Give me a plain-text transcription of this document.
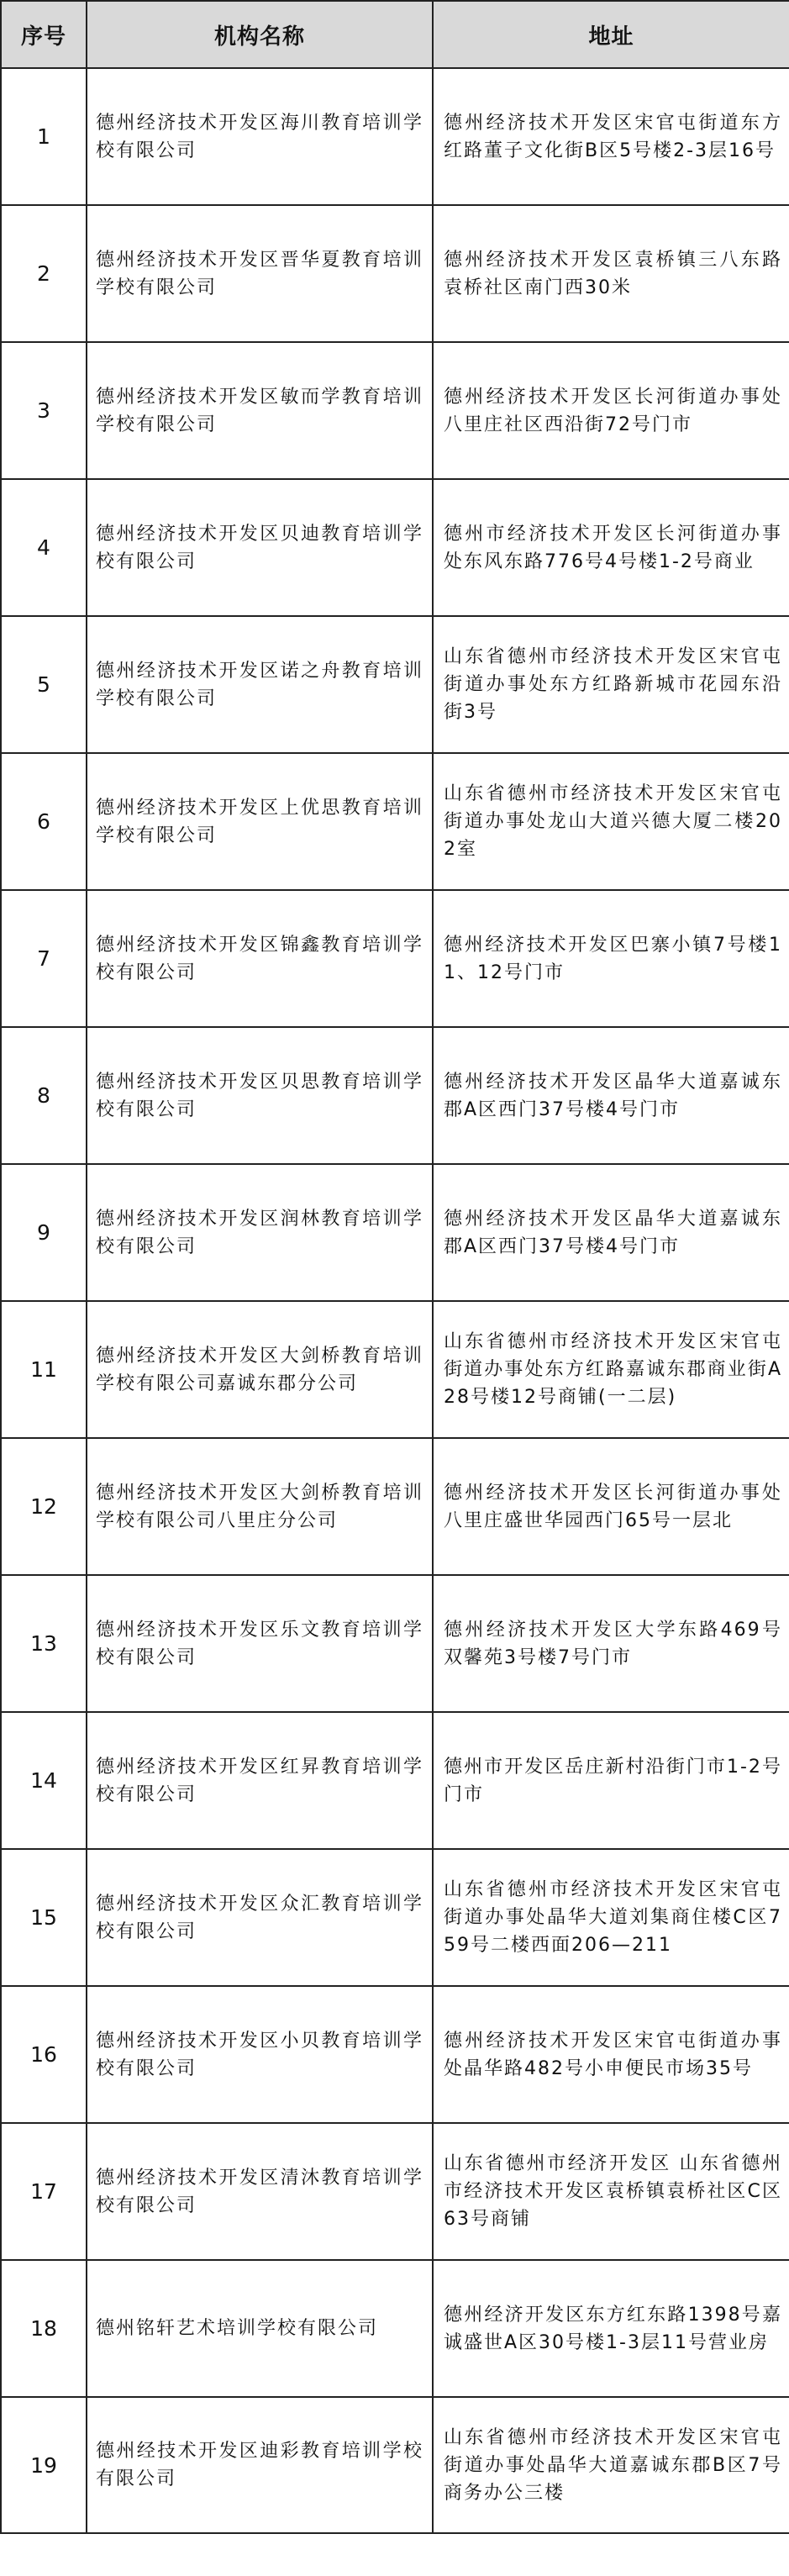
序号	机构名称	地址
1	德州经济技术开发区海川教育培训学校有限公司	德州经济技术开发区宋官屯街道东方红路董子文化街B区5号楼2-3层16号
2	德州经济技术开发区晋华夏教育培训学校有限公司	德州经济技术开发区袁桥镇三八东路袁桥社区南门西30米
3	德州经济技术开发区敏而学教育培训学校有限公司	德州经济技术开发区长河街道办事处八里庄社区西沿街72号门市
4	德州经济技术开发区贝迪教育培训学校有限公司	德州市经济技术开发区长河街道办事处东风东路776号4号楼1-2号商业
5	德州经济技术开发区诺之舟教育培训学校有限公司	山东省德州市经济技术开发区宋官屯街道办事处东方红路新城市花园东沿街3号
6	德州经济技术开发区上优思教育培训学校有限公司	山东省德州市经济技术开发区宋官屯街道办事处龙山大道兴德大厦二楼202室
7	德州经济技术开发区锦鑫教育培训学校有限公司	德州经济技术开发区巴寨小镇7号楼11、12号门市
8	德州经济技术开发区贝思教育培训学校有限公司	德州经济技术开发区晶华大道嘉诚东郡A区西门37号楼4号门市
9	德州经济技术开发区润林教育培训学校有限公司	德州经济技术开发区晶华大道嘉诚东郡A区西门37号楼4号门市
11	德州经济技术开发区大剑桥教育培训学校有限公司嘉诚东郡分公司	山东省德州市经济技术开发区宋官屯街道办事处东方红路嘉诚东郡商业街A28号楼12号商铺(一二层)
12	德州经济技术开发区大剑桥教育培训学校有限公司八里庄分公司	德州经济技术开发区长河街道办事处八里庄盛世华园西门65号一层北
13	德州经济技术开发区乐文教育培训学校有限公司	德州经济技术开发区大学东路469号双馨苑3号楼7号门市
14	德州经济技术开发区红昇教育培训学校有限公司	德州市开发区岳庄新村沿街门市1-2号门市
15	德州经济技术开发区众汇教育培训学校有限公司	山东省德州市经济技术开发区宋官屯街道办事处晶华大道刘集商住楼C区759号二楼西面206—211
16	德州经济技术开发区小贝教育培训学校有限公司	德州经济技术开发区宋官屯街道办事处晶华路482号小申便民市场35号
17	德州经济技术开发区清沐教育培训学校有限公司	山东省德州市经济开发区 山东省德州市经济技术开发区袁桥镇袁桥社区C区63号商铺
18	德州铭轩艺术培训学校有限公司	德州经济开发区东方红东路1398号嘉诚盛世A区30号楼1-3层11号营业房
19	德州经技术开发区迪彩教育培训学校有限公司	山东省德州市经济技术开发区宋官屯街道办事处晶华大道嘉诚东郡B区7号商务办公三楼
